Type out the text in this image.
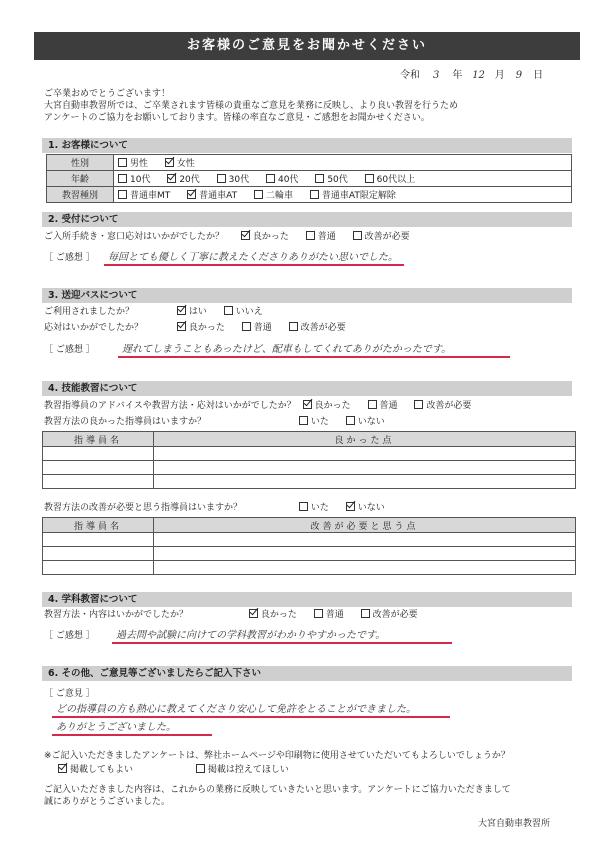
お客様のご意見をお聞かせください
令和 3 年 12 月 9 日
ご卒業おめでとうございます！
大宮自動車教習所では、ご卒業されます皆様の貴重なご意見を業務に反映し、より良い教習を行うため
アンケートのご協力をお願いしております。皆様の率直なご意見・ご感想をお聞かせください。
1. お客様について
性別	男性 女性
年齢	10代 20代 30代 40代 50代 60代以上
教習種別	普通車MT 普通車AT 二輪車 普通車AT限定解除
2. 受付について
ご入所手続き・窓口応対はいかがでしたか？	良かった	普通	改善が必要
［ ご感想 ］ 毎回とても優しく丁寧に教えたくださりありがたい思いでした。
3. 送迎バスについて
ご利用されましたか？	はい	いいえ
応対はいかがでしたか？	良かった	普通	改善が必要
［ ご感想 ］	遅れてしまうこともあったけど、配車もしてくれてありがたかったです。
4. 技能教習について
教習指導員のアドバイスや教習方法・応対はいかがでしたか？ 良かった	普通	改善が必要
教習方法の良かった指導員はいますか？	いた	いない
指導員名	良かった点

教習方法の改善が必要と思う指導員はいますか？	いた	いない
指導員名	改善が必要と思う点

4. 学科教習について
教習方法・内容はいかがでしたか？	良かった	普通	改善が必要
［ ご感想 ］ 過去問や試験に向けての学科教習がわかりやすかったです。
6. その他、ご意見等ございましたらご記入下さい
［ ご意見 ］
どの指導員の方も熱心に教えてくださり安心して免許をとることができました。
ありがとうございました。
※ご記入いただきましたアンケートは、弊社ホームページや印刷物に使用させていただいてもよろしいでしょうか？
掲載してもよい	掲載は控えてほしい
ご記入いただきました内容は、これからの業務に反映していきたいと思います。アンケートにご協力いただきまして
誠にありがとうございました。
大宮自動車教習所
